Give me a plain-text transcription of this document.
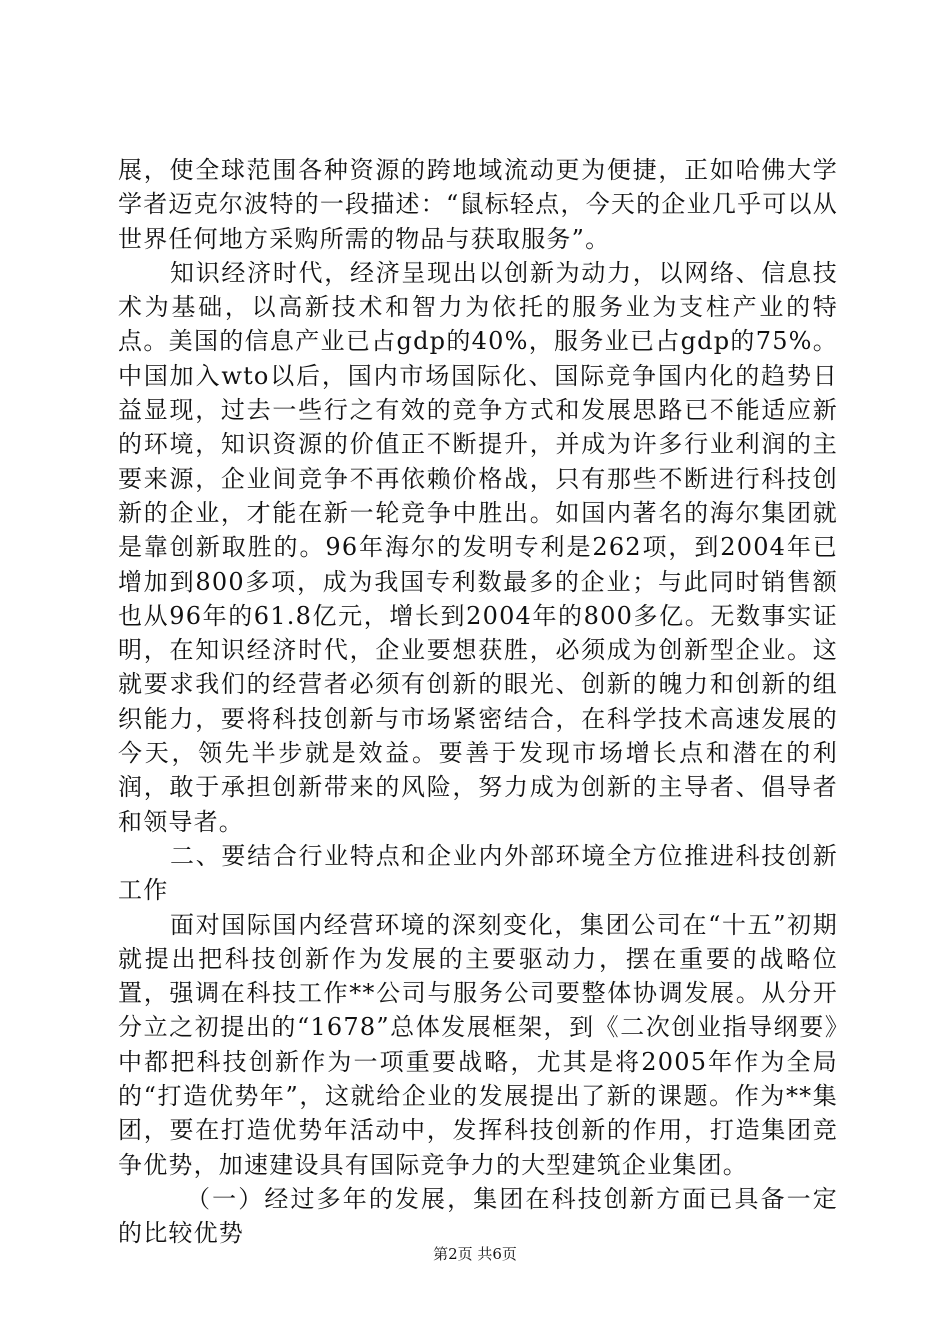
展，使全球范围各种资源的跨地域流动更为便捷，正如哈佛大学学者迈克尔波特的一段描述：“鼠标轻点，今天的企业几乎可以从世界任何地方采购所需的物品与获取服务”。

知识经济时代，经济呈现出以创新为动力，以网络、信息技术为基础，以高新技术和智力为依托的服务业为支柱产业的特点。美国的信息产业已占gdp的40%，服务业已占gdp的75%。中国加入wto以后，国内市场国际化、国际竞争国内化的趋势日益显现，过去一些行之有效的竞争方式和发展思路已不能适应新的环境，知识资源的价值正不断提升，并成为许多行业利润的主要来源，企业间竞争不再依赖价格战，只有那些不断进行科技创新的企业，才能在新一轮竞争中胜出。如国内著名的海尔集团就是靠创新取胜的。96年海尔的发明专利是262项，到2004年已增加到800多项，成为我国专利数最多的企业；与此同时销售额也从96年的61.8亿元，增长到2004年的800多亿。无数事实证明，在知识经济时代，企业要想获胜，必须成为创新型企业。这就要求我们的经营者必须有创新的眼光、创新的魄力和创新的组织能力，要将科技创新与市场紧密结合，在科学技术高速发展的今天，领先半步就是效益。要善于发现市场增长点和潜在的利润，敢于承担创新带来的风险，努力成为创新的主导者、倡导者和领导者。

二、要结合行业特点和企业内外部环境全方位推进科技创新工作

面对国际国内经营环境的深刻变化，集团公司在“十五”初期就提出把科技创新作为发展的主要驱动力，摆在重要的战略位置，强调在科技工作**公司与服务公司要整体协调发展。从分开分立之初提出的“1678”总体发展框架，到《二次创业指导纲要》中都把科技创新作为一项重要战略，尤其是将2005年作为全局的“打造优势年”，这就给企业的发展提出了新的课题。作为**集团，要在打造优势年活动中，发挥科技创新的作用，打造集团竞争优势，加速建设具有国际竞争力的大型建筑企业集团。

（一）经过多年的发展，集团在科技创新方面已具备一定的比较优势

第2页 共6页
